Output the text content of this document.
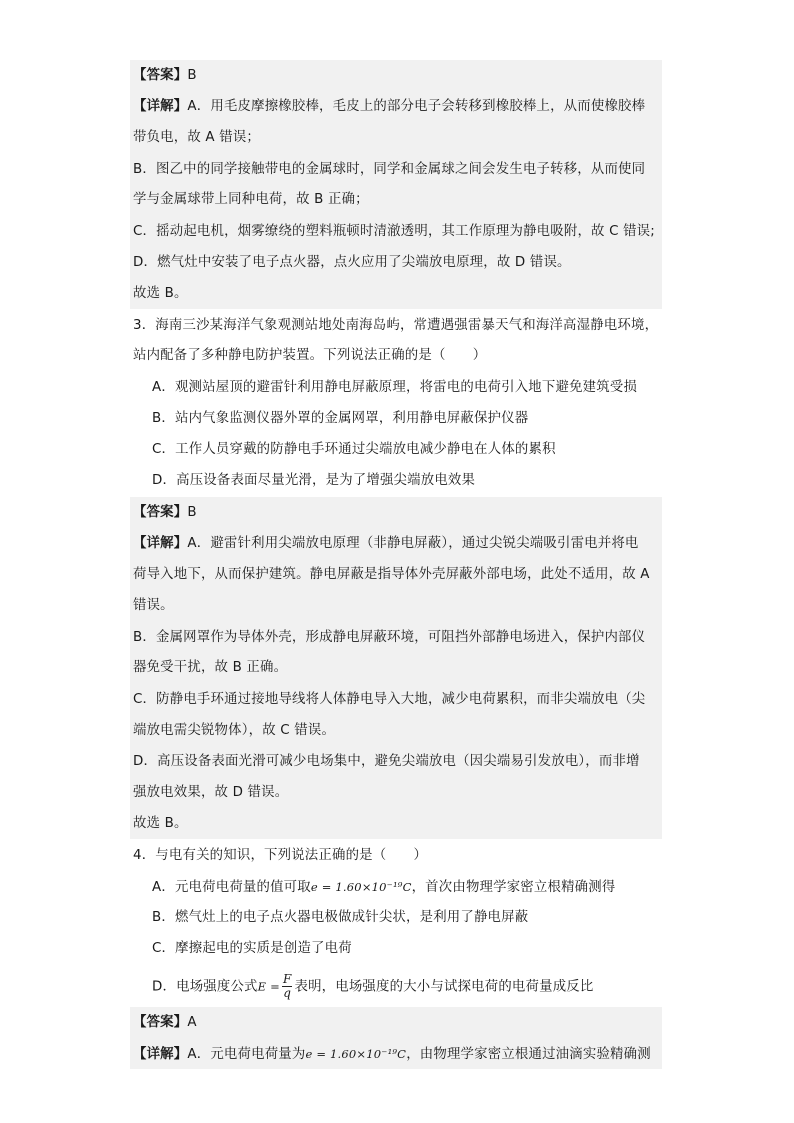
【答案】B
【详解】A．用毛皮摩擦橡胶棒，毛皮上的部分电子会转移到橡胶棒上，从而使橡胶棒
带负电，故 A 错误；
B．图乙中的同学接触带电的金属球时，同学和金属球之间会发生电子转移，从而使同
学与金属球带上同种电荷，故 B 正确；
C．摇动起电机，烟雾缭绕的塑料瓶顿时清澈透明，其工作原理为静电吸附，故 C 错误;
D．燃气灶中安装了电子点火器，点火应用了尖端放电原理，故 D 错误。
故选 B。
3．海南三沙某海洋气象观测站地处南海岛屿，常遭遇强雷暴天气和海洋高湿静电环境，
站内配备了多种静电防护装置。下列说法正确的是（　　）
A．观测站屋顶的避雷针利用静电屏蔽原理，将雷电的电荷引入地下避免建筑受损
B．站内气象监测仪器外罩的金属网罩，利用静电屏蔽保护仪器
C．工作人员穿戴的防静电手环通过尖端放电减少静电在人体的累积
D．高压设备表面尽量光滑，是为了增强尖端放电效果
【答案】B
【详解】A．避雷针利用尖端放电原理（非静电屏蔽），通过尖锐尖端吸引雷电并将电
荷导入地下，从而保护建筑。静电屏蔽是指导体外壳屏蔽外部电场，此处不适用，故 A
错误。
B．金属网罩作为导体外壳，形成静电屏蔽环境，可阻挡外部静电场进入，保护内部仪
器免受干扰，故 B 正确。
C．防静电手环通过接地导线将人体静电导入大地，减少电荷累积，而非尖端放电（尖
端放电需尖锐物体），故 C 错误。
D．高压设备表面光滑可减少电场集中，避免尖端放电（因尖端易引发放电），而非增
强放电效果，故 D 错误。
故选 B。
4．与电有关的知识，下列说法正确的是（　　）
A．元电荷电荷量的值可取e = 1.60×10⁻¹⁹C，首次由物理学家密立根精确测得
B．燃气灶上的电子点火器电极做成针尖状，是利用了静电屏蔽
C．摩擦起电的实质是创造了电荷
D．电场强度公式$E = \frac{F}{q}$ 表明，电场强度的大小与试探电荷的电荷量成反比
【答案】A
【详解】A．元电荷电荷量为e = 1.60×10⁻¹⁹C，由物理学家密立根通过油滴实验精确测
